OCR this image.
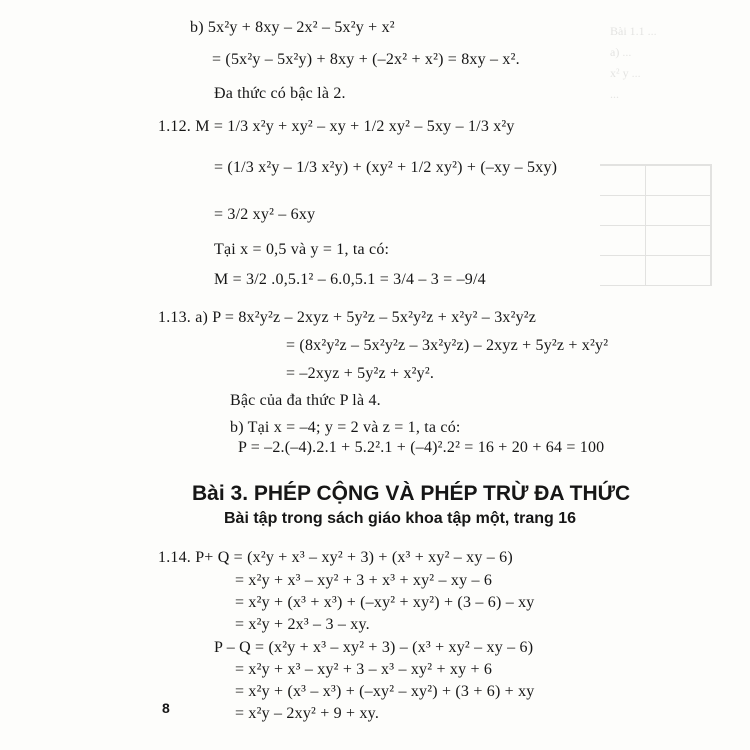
Bài 1.1 ...
a) ...
x² y ...
...
b) 5x²y + 8xy – 2x² – 5x²y + x²
= (5x²y – 5x²y) + 8xy + (–2x² + x²) = 8xy – x².
Đa thức có bậc là 2.
1.12. M = 1/3 x²y + xy² – xy + 1/2 xy² – 5xy – 1/3 x²y
= (1/3 x²y – 1/3 x²y) + (xy² + 1/2 xy²) + (–xy – 5xy)
= 3/2 xy² – 6xy
Tại x = 0,5 và y = 1, ta có:
M = 3/2 .0,5.1² – 6.0,5.1 = 3/4 – 3 = –9/4
1.13. a) P = 8x²y²z – 2xyz + 5y²z – 5x²y²z + x²y² – 3x²y²z
= (8x²y²z – 5x²y²z – 3x²y²z) – 2xyz + 5y²z + x²y²
= –2xyz + 5y²z + x²y².
Bậc của đa thức P là 4.
b) Tại x = –4; y = 2 và z = 1, ta có:
P = –2.(–4).2.1 + 5.2².1 + (–4)².2² = 16 + 20 + 64 = 100
1.14. P+ Q = (x²y + x³ – xy² + 3) + (x³ + xy² – xy – 6)
= x²y + x³ – xy² + 3 + x³ + xy² – xy – 6
= x²y + (x³ + x³) + (–xy² + xy²) + (3 – 6) – xy
= x²y + 2x³ – 3 – xy.
P – Q = (x²y + x³ – xy² + 3) – (x³ + xy² – xy – 6)
= x²y + x³ – xy² + 3 – x³ – xy² + xy + 6
= x²y + (x³ – x³) + (–xy² – xy²) + (3 + 6) + xy
= x²y – 2xy² + 9 + xy.
Bài 3. PHÉP CỘNG VÀ PHÉP TRỪ ĐA THỨC
Bài tập trong sách giáo khoa tập một, trang 16
8
